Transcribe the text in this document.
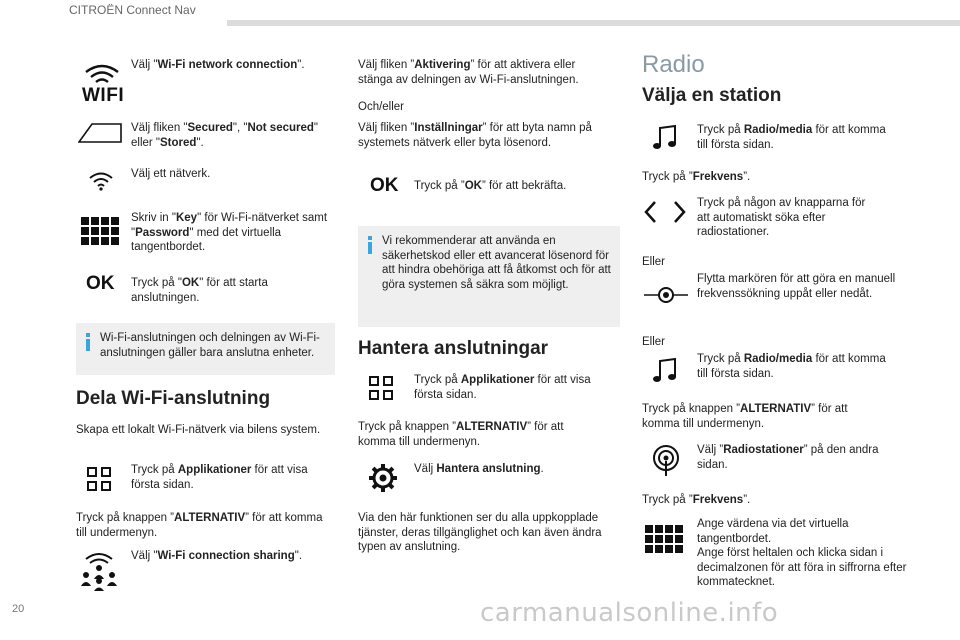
CITROËN Connect Nav
WIFI
Välj "Wi-Fi network connection".
Välj fliken "Secured", "Not secured" eller "Stored".
Välj ett nätverk.
Skriv in "Key" för Wi-Fi-nätverket samt "Password" med det virtuella tangentbordet.
OK Tryck på "OK" för att starta anslutningen.
Wi-Fi-anslutningen och delningen av Wi-Fi-anslutningen gäller bara anslutna enheter.
Dela Wi-Fi-anslutning
Skapa ett lokalt Wi-Fi-nätverk via bilens system.
Tryck på Applikationer för att visa första sidan.
Tryck på knappen ”ALTERNATIV” för att komma till undermenyn.
Välj "Wi-Fi connection sharing".
Välj fliken ”Aktivering” för att aktivera eller stänga av delningen av Wi-Fi-anslutningen.
Och/eller
Välj fliken ”Inställningar” för att byta namn på systemets nätverk eller byta lösenord.
OK Tryck på ”OK” för att bekräfta.
Vi rekommenderar att använda en säkerhetskod eller ett avancerat lösenord för att hindra obehöriga att få åtkomst och för att göra systemen så säkra som möjligt.
Hantera anslutningar
Tryck på Applikationer för att visa första sidan.
Tryck på knappen ”ALTERNATIV” för att komma till undermenyn.
Välj Hantera anslutning.
Via den här funktionen ser du alla uppkopplade tjänster, deras tillgänglighet och kan även ändra typen av anslutning.
Radio
Välja en station
Tryck på Radio/media för att komma till första sidan.
Tryck på ”Frekvens”.
Tryck på någon av knapparna för att automatiskt söka efter radiostationer.
Eller
Flytta markören för att göra en manuell frekvenssökning uppåt eller nedåt.
Eller
Tryck på Radio/media för att komma till första sidan.
Tryck på knappen ”ALTERNATIV” för att komma till undermenyn.
Välj ”Radiostationer” på den andra sidan.
Tryck på ”Frekvens”.
Ange värdena via det virtuella tangentbordet.
Ange först heltalen och klicka sidan i decimalzonen för att föra in siffrorna efter kommatecknet.
20	carmanualsonline.info
